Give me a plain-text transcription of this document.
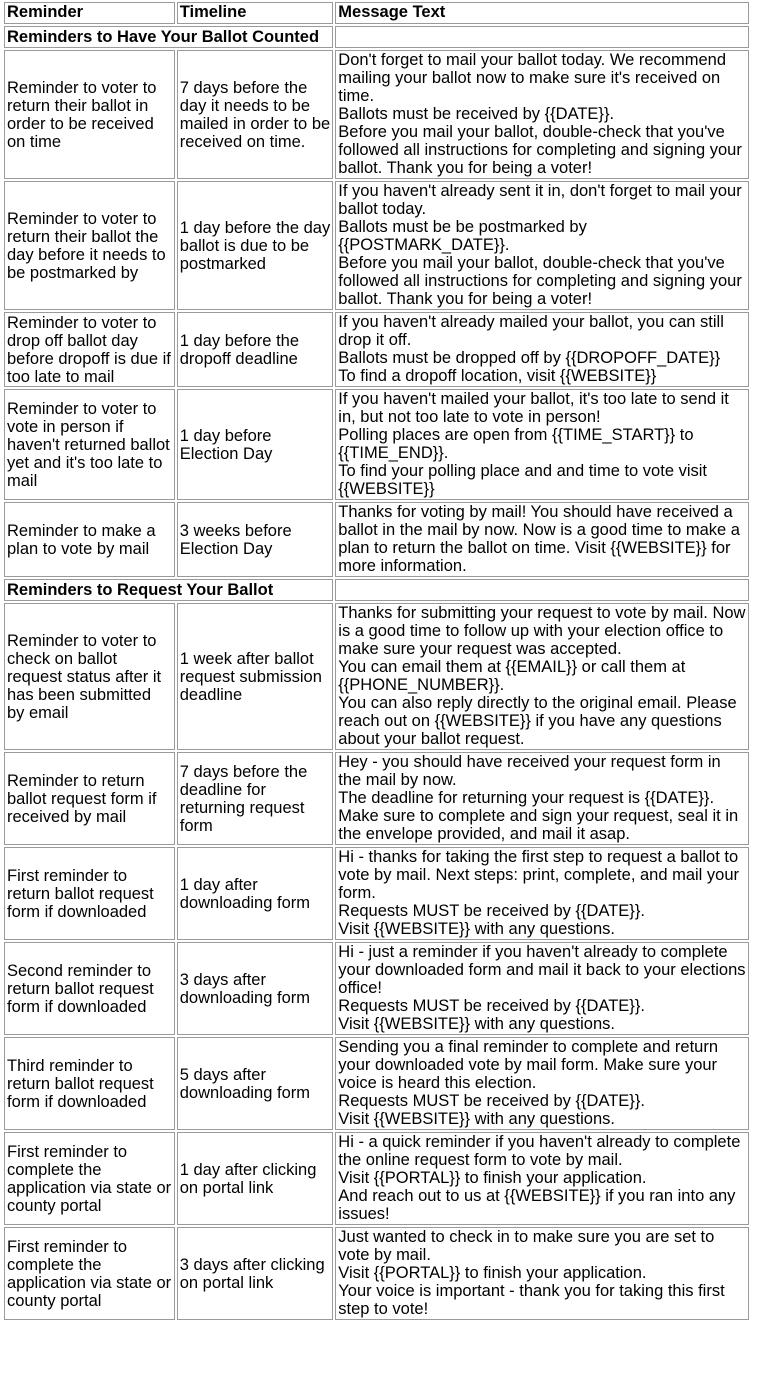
Reminder	Timeline	Message Text
Reminders to Have Your Ballot Counted		
Reminder to voter to return their ballot in order to be received on time	7 days before the day it needs to be mailed in order to be received on time.	Don't forget to mail your ballot today. We recommend mailing your ballot now to make sure it's received on time.
Ballots must be received by {{DATE}}.
Before you mail your ballot, double-check that you've followed all instructions for completing and signing your ballot. Thank you for being a voter!

Reminder to voter to return their ballot the day before it needs to be postmarked by	1 day before the day ballot is due to be postmarked	If you haven't already sent it in, don't forget to mail your ballot today.
Ballots must be be postmarked by {{POSTMARK_DATE}}.
Before you mail your ballot, double-check that you've followed all instructions for completing and signing your ballot. Thank you for being a voter!

Reminder to voter to drop off ballot day before dropoff is due if too late to mail	1 day before the dropoff deadline	If you haven't already mailed your ballot, you can still drop it off.
Ballots must be dropped off by {{DROPOFF_DATE}}
To find a dropoff location, visit {{WEBSITE}}

Reminder to voter to vote in person if haven't returned ballot yet and it's too late to mail	1 day before Election Day	If you haven't mailed your ballot, it's too late to send it in, but not too late to vote in person!
Polling places are open from {{TIME_START}} to {{TIME_END}}.
To find your polling place and and time to vote visit {{WEBSITE}}

Reminder to make a plan to vote by mail	3 weeks before Election Day	Thanks for voting by mail! You should have received a ballot in the mail by now. Now is a good time to make a plan to return the ballot on time. Visit {{WEBSITE}} for more information.

Reminders to Request Your Ballot		
Reminder to voter to check on ballot request status after it has been submitted by email	1 week after ballot request submission deadline	Thanks for submitting your request to vote by mail. Now is a good time to follow up with your election office to make sure your request was accepted.
You can email them at {{EMAIL}} or call them at {{PHONE_NUMBER}}.
You can also reply directly to the original email. Please reach out on {{WEBSITE}} if you have any questions about your ballot request.

Reminder to return ballot request form if received by mail	7 days before the deadline for returning request form	Hey - you should have received your request form in the mail by now.
The deadline for returning your request is {{DATE}}.
Make sure to complete and sign your request, seal it in the envelope provided, and mail it asap.

First reminder to return ballot request form if downloaded	1 day after downloading form	Hi - thanks for taking the first step to request a ballot to vote by mail. Next steps: print, complete, and mail your form.
Requests MUST be received by {{DATE}}.
Visit {{WEBSITE}} with any questions.

Second reminder to return ballot request form if downloaded	3 days after downloading form	Hi - just a reminder if you haven't already to complete your downloaded form and mail it back to your elections office!
Requests MUST be received by {{DATE}}.
Visit {{WEBSITE}} with any questions.

Third reminder to return ballot request form if downloaded	5 days after downloading form	Sending you a final reminder to complete and return your downloaded vote by mail form. Make sure your voice is heard this election.
Requests MUST be received by {{DATE}}.
Visit {{WEBSITE}} with any questions.

First reminder to complete the application via state or county portal	1 day after clicking on portal link	Hi - a quick reminder if you haven't already to complete the online request form to vote by mail.
Visit {{PORTAL}} to finish your application.
And reach out to us at {{WEBSITE}} if you ran into any issues!

First reminder to complete the application via state or county portal	3 days after clicking on portal link	Just wanted to check in to make sure you are set to vote by mail.
Visit {{PORTAL}} to finish your application.
Your voice is important - thank you for taking this first step to vote!
